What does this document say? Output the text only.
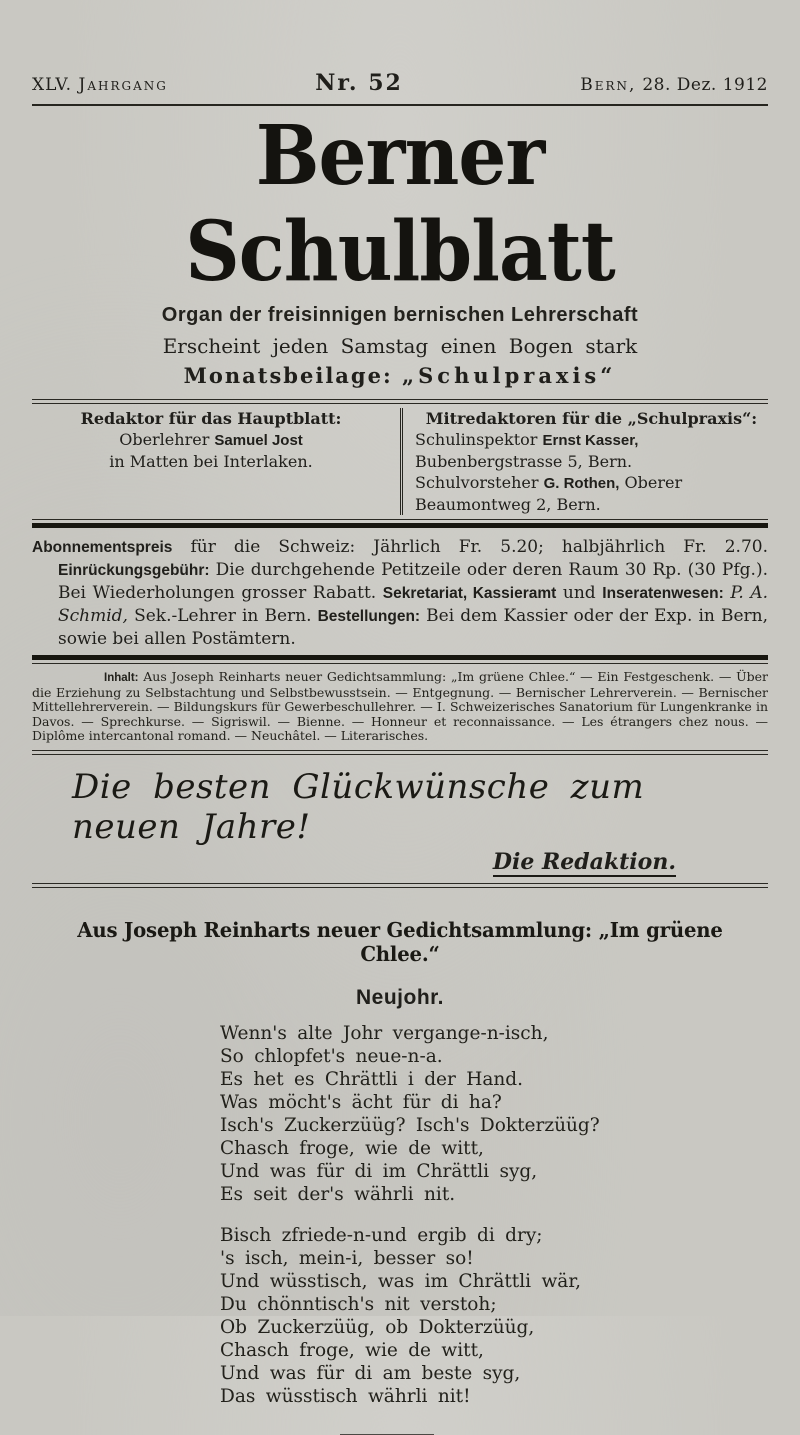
XLV. Jahrgang	Nr. 52	Bern, 28. Dez. 1912
Berner Schulblatt
Organ der freisinnigen bernischen Lehrerschaft
Erscheint jeden Samstag einen Bogen stark
Monatsbeilage: „Schulpraxis“
Redaktor für das Hauptblatt:
Oberlehrer Samuel Jost
in Matten bei Interlaken.
Mitredaktoren für die „Schulpraxis“:
Schulinspektor Ernst Kasser, Bubenbergstrasse 5, Bern.
Schulvorsteher G. Rothen, Oberer Beaumontweg 2, Bern.

Abonnementspreis für die Schweiz: Jährlich Fr. 5.20; halbjährlich Fr. 2.70. Einrückungsgebühr: Die durchgehende Petitzeile oder deren Raum 30 Rp. (30 Pfg.). Bei Wiederholungen grosser Rabatt. Sekretariat, Kassieramt und Inseratenwesen: P. A. Schmid, Sek.-Lehrer in Bern. Bestellungen: Bei dem Kassier oder der Exp. in Bern, sowie bei allen Postämtern.

Inhalt: Aus Joseph Reinharts neuer Gedichtsammlung: „Im grüene Chlee.“ — Ein Festgeschenk. — Über die Erziehung zu Selbstachtung und Selbstbewusstsein. — Entgegnung. — Bernischer Lehrerverein. — Bernischer Mittellehrerverein. — Bildungskurs für Gewerbeschullehrer. — I. Schweizerisches Sanatorium für Lungenkranke in Davos. — Sprechkurse. — Sigriswil. — Bienne. — Honneur et reconnaissance. — Les étrangers chez nous. — Diplôme intercantonal romand. — Neuchâtel. — Literarisches.

Die besten Glückwünsche zum neuen Jahre!
Die Redaktion.
Aus Joseph Reinharts neuer Gedichtsammlung: „Im grüene Chlee.“
Neujohr.
Wenn's alte Johr vergange-n-isch,
So chlopfet's neue-n-a.
Es het es Chrättli i der Hand.
Was möcht's ächt für di ha?
Isch's Zuckerzüüg? Isch's Dokterzüüg?
Chasch froge, wie de witt,
Und was für di im Chrättli syg,
Es seit der's währli nit.
Bisch zfriede-n-und ergib di dry;
's isch, mein-i, besser so!
Und wüsstisch, was im Chrättli wär,
Du chönntisch's nit verstoh;
Ob Zuckerzüüg, ob Dokterzüüg,
Chasch froge, wie de witt,
Und was für di am beste syg,
Das wüsstisch währli nit!
